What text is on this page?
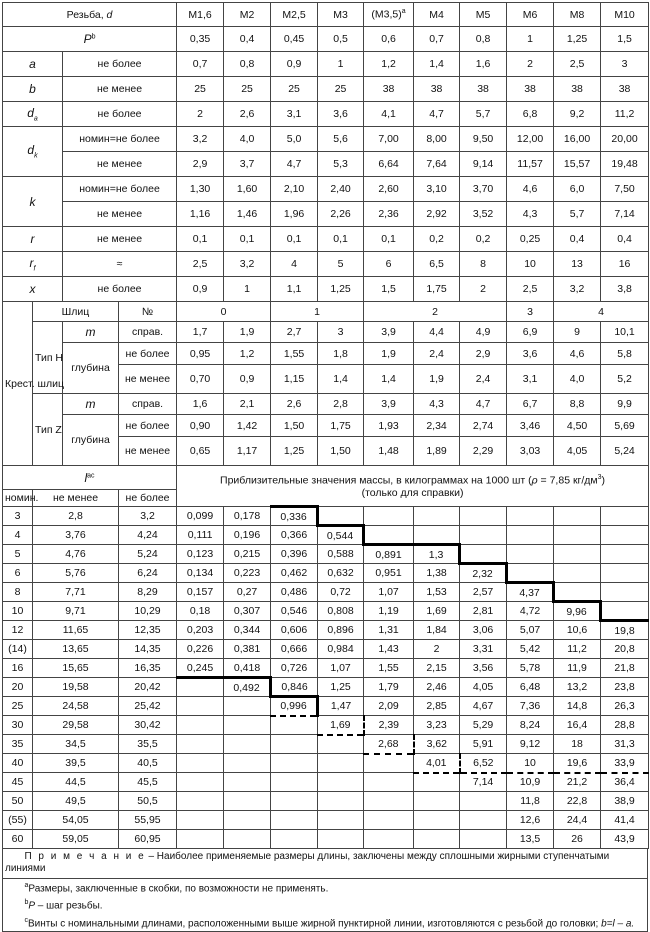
Резьба, d				M1,6	M2	M2,5	M3	$(M3,5)^a$	M4	M5	M6	M8	M10
$P^b$				0,35	0,4	0,45	0,5	0,6	0,7	0,8	1	1,25	1,5
a		не более		0,7	0,8	0,9	1	1,2	1,4	1,6	2	2,5	3
b		не менее		25	25	25	25	38	38	38	38	38	38
$d_a$		не более		2	2,6	3,1	3,6	4,1	4,7	5,7	6,8	9,2	11,2
$d_k$		номин=не более		3,2	4,0	5,0	5,6	7,00	8,00	9,50	12,00	16,00	20,00
		не менее		2,9	3,7	4,7	5,3	6,64	7,64	9,14	11,57	15,57	19,48
k		номин=не более		1,30	1,60	2,10	2,40	2,60	3,10	3,70	4,6	6,0	7,50
		не менее		1,16	1,46	1,96	2,26	2,36	2,92	3,52	4,3	5,7	7,14
r		не менее		0,1	0,1	0,1	0,1	0,1	0,2	0,2	0,25	0,4	0,4
$r_f$		≈		2,5	3,2	4	5	6	6,5	8	10	13	16
x		не более		0,9	1	1,1	1,25	1,5	1,75	2	2,5	3,2	3,8
Крест. шлиц	Шлиц		№	0		1		2			3	4	
	Тип H	m	справ.	1,7	1,9	2,7	3	3,9	4,4	4,9	6,9	9	10,1
		глубина	не более	0,95	1,2	1,55	1,8	1,9	2,4	2,9	3,6	4,6	5,8
			не менее	0,70	0,9	1,15	1,4	1,4	1,9	2,4	3,1	4,0	5,2
	Тип Z	m	справ.	1,6	2,1	2,6	2,8	3,9	4,3	4,7	6,7	8,8	9,9
		глубина	не более	0,90	1,42	1,50	1,75	1,93	2,34	2,74	3,46	4,50	5,69
			не менее	0,65	1,17	1,25	1,50	1,48	1,89	2,29	3,03	4,05	5,24
$l^{ac}$				Приблизительные значения массы, в килограммах на 1000 шт (ρ = 7,85 $кг/дм^3$)
(только для справки)									
номин.	не менее		не более										
3	2,8		3,2	0,099	0,178	0,336							
4	3,76		4,24	0,111	0,196	0,366	0,544						
5	4,76		5,24	0,123	0,215	0,396	0,588	0,891	1,3				
6	5,76		6,24	0,134	0,223	0,462	0,632	0,951	1,38	2,32			
8	7,71		8,29	0,157	0,27	0,486	0,72	1,07	1,53	2,57	4,37		
10	9,71		10,29	0,18	0,307	0,546	0,808	1,19	1,69	2,81	4,72	9,96	
12	11,65		12,35	0,203	0,344	0,606	0,896	1,31	1,84	3,06	5,07	10,6	19,8
(14)	13,65		14,35	0,226	0,381	0,666	0,984	1,43	2	3,31	5,42	11,2	20,8
16	15,65		16,35	0,245	0,418	0,726	1,07	1,55	2,15	3,56	5,78	11,9	21,8
20	19,58		20,42		0,492	0,846	1,25	1,79	2,46	4,05	6,48	13,2	23,8
25	24,58		25,42			0,996	1,47	2,09	2,85	4,67	7,36	14,8	26,3
30	29,58		30,42				1,69	2,39	3,23	5,29	8,24	16,4	28,8
35	34,5		35,5					2,68	3,62	5,91	9,12	18	31,3
40	39,5		40,5						4,01	6,52	10	19,6	33,9
45	44,5		45,5							7,14	10,9	21,2	36,4
50	49,5		50,5								11,8	22,8	38,9
(55)	54,05		55,95								12,6	24,4	41,4
60	59,05		60,95								13,5	26	43,9
П р и м е ч а н и е – Наиболее применяемые размеры длины, заключены между сплошными жирными ступенчатыми линиями
$^a$Размеры, заключенные в скобки, по возможности не применять.
$^b$P – шаг резьбы.
$^c$Винты с номинальными длинами, расположенными выше жирной пунктирной линии, изготовляются с резьбой до головки; b=l – a.
